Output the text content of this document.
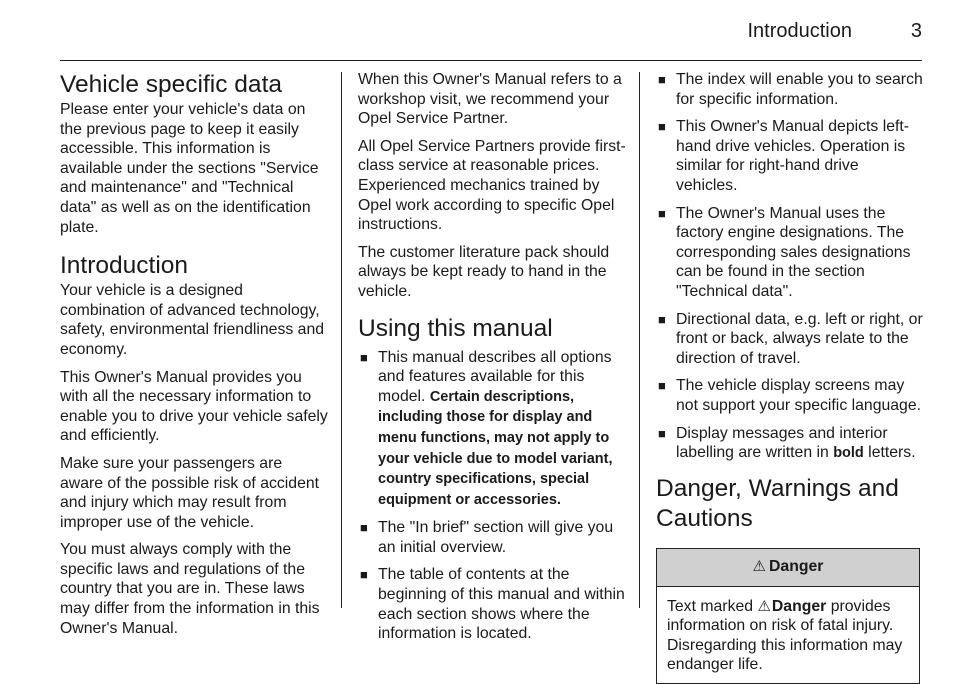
Introduction	3
Vehicle specific data

Please enter your vehicle's data on the previous page to keep it easily accessible. This information is available under the sections "Service and maintenance" and "Technical data" as well as on the identification plate.

Introduction

Your vehicle is a designed combination of advanced technology, safety, environmental friendliness and economy.

This Owner's Manual provides you with all the necessary information to enable you to drive your vehicle safely and efficiently.

Make sure your passengers are aware of the possible risk of accident and injury which may result from improper use of the vehicle.

You must always comply with the specific laws and regulations of the country that you are in. These laws may differ from the information in this Owner's Manual.

When this Owner's Manual refers to a workshop visit, we recommend your Opel Service Partner.

All Opel Service Partners provide first-class service at reasonable prices. Experienced mechanics trained by Opel work according to specific Opel instructions.

The customer literature pack should always be kept ready to hand in the vehicle.

Using this manual
■ This manual describes all options and features available for this model. Certain descriptions, including those for display and menu functions, may not apply to your vehicle due to model variant, country specifications, special equipment or accessories.
■ The "In brief" section will give you an initial overview.
■ The table of contents at the beginning of this manual and within each section shows where the information is located.
■ The index will enable you to search for specific information.
■ This Owner's Manual depicts left-hand drive vehicles. Operation is similar for right-hand drive vehicles.
■ The Owner's Manual uses the factory engine designations. The corresponding sales designations can be found in the section "Technical data".
■ Directional data, e.g. left or right, or front or back, always relate to the direction of travel.
■ The vehicle display screens may not support your specific language.
■ Display messages and interior labelling are written in bold letters.
Danger, Warnings and Cautions
⚠ Danger
Text marked ⚠Danger provides information on risk of fatal injury. Disregarding this information may endanger life.
